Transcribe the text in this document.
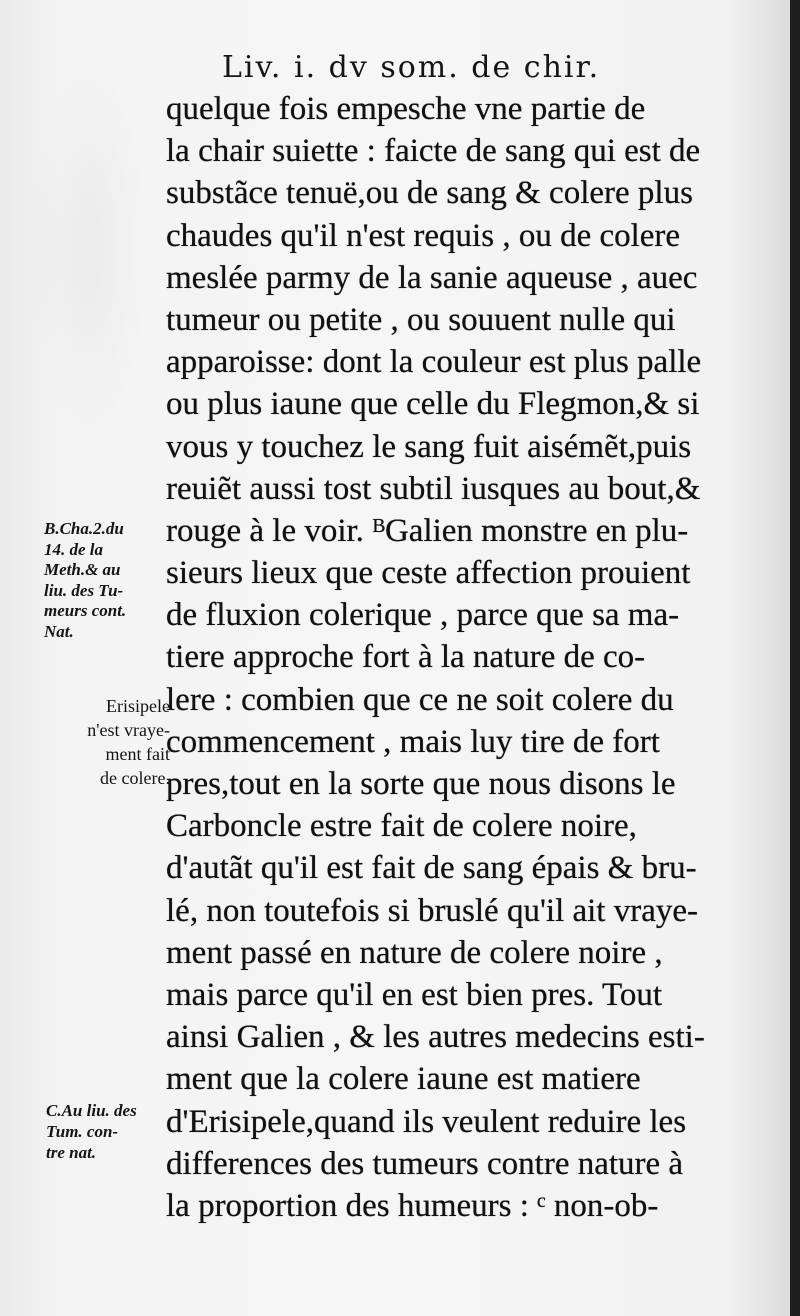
Liv. i. dv som. de chir.
quelque fois empesche vne partie de
la chair suiette : faicte de sang qui est de
substãce tenuë,ou de sang & colere plus
chaudes qu'il n'est requis , ou de colere
meslée parmy de la sanie aqueuse , auec
tumeur ou petite , ou souuent nulle qui
apparoisse: dont la couleur est plus palle
ou plus iaune que celle du Flegmon,& si
vous y touchez le sang fuit aisémẽt,puis
reuiẽt aussi tost subtil iusques au bout,&
rouge à le voir. ᴮGalien monstre en plu-
sieurs lieux que ceste affection prouient
de fluxion colerique , parce que sa ma-
tiere approche fort à la nature de co-
lere : combien que ce ne soit colere du
commencement , mais luy tire de fort
pres,tout en la sorte que nous disons le
Carboncle estre fait de colere noire,
d'autãt qu'il est fait de sang épais & bru-
lé, non toutefois si bruslé qu'il ait vraye-
ment passé en nature de colere noire ,
mais parce qu'il en est bien pres. Tout
ainsi Galien , & les autres medecins esti-
ment que la colere iaune est matiere
d'Erisipele,quand ils veulent reduire les
differences des tumeurs contre nature à
la proportion des humeurs : ᶜ non-ob-
B.Cha.2.du
14. de la
Meth.& au
liu. des Tu-
meurs cont.
Nat.
Erisipele
n'est vraye-
ment fait
de colere.
C.Au liu. des
Tum. con-
tre nat.
